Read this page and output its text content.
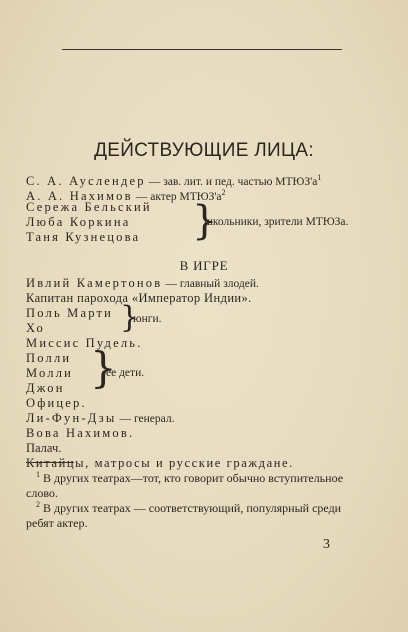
ДЕЙСТВУЮЩИЕ ЛИЦА:
С. А. Ауслендер — зав. лит. и пед. частью $МТЮЗ'а^1$
А. А. Нахимов — актер $МТЮЗ'а^2$
Сережа Бельский
Люба Коркина
Таня Кузнецова }
школьники, зрители МТЮЗа.
В ИГРЕ
Ивлий Камертонов — главный злодей.
Капитан парохода «Император Индии».
Поль Марти
Хо	}
юнги.
Миссис Пудель.
Полли
Молли
Джон }
ее дети.
Офицер.
Ли-Фун-Дзы — генерал.
Вова Нахимов.
Палач.
Китайцы, матросы и русские граждане.
$^1$ В других театрах—тот, кто говорит обычно вступительное слово.
$^2$ В других театрах — соответствующий, популярный среди ребят актер.
3
